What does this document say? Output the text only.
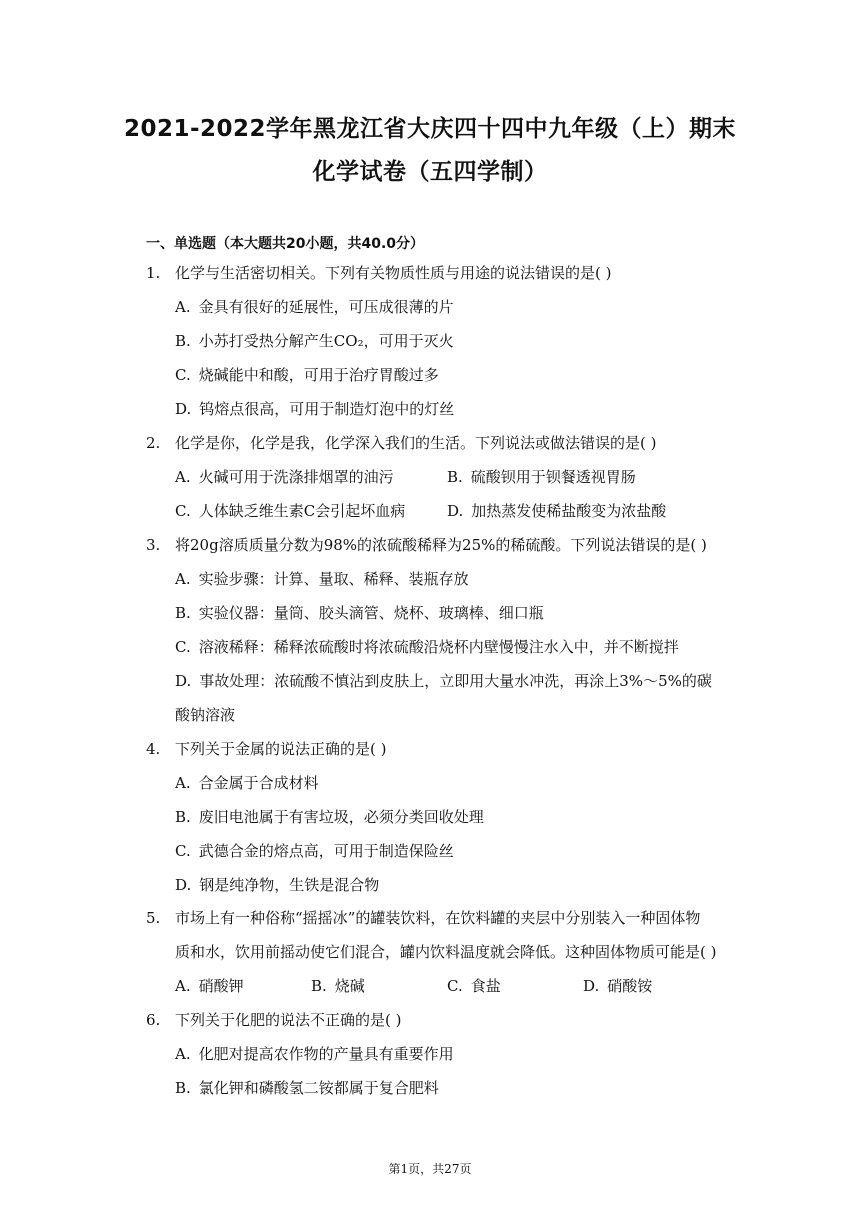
2021-2022学年黑龙江省大庆四十四中九年级（上）期末
化学试卷（五四学制）
一、单选题（本大题共20小题，共40.0分）
1. 化学与生活密切相关。下列有关物质性质与用途的说法错误的是( )
A. 金具有很好的延展性，可压成很薄的片
B. 小苏打受热分解产生CO₂，可用于灭火
C. 烧碱能中和酸，可用于治疗胃酸过多
D. 钨熔点很高，可用于制造灯泡中的灯丝
2. 化学是你，化学是我，化学深入我们的生活。下列说法或做法错误的是( )
A. 火碱可用于洗涤排烟罩的油污	B. 硫酸钡用于钡餐透视胃肠
C. 人体缺乏维生素C会引起坏血病	D. 加热蒸发使稀盐酸变为浓盐酸
3. 将20g溶质质量分数为98%的浓硫酸稀释为25%的稀硫酸。下列说法错误的是( )
A. 实验步骤：计算、量取、稀释、装瓶存放
B. 实验仪器：量筒、胶头滴管、烧杯、玻璃棒、细口瓶
C. 溶液稀释：稀释浓硫酸时将浓硫酸沿烧杯内壁慢慢注水入中，并不断搅拌
D. 事故处理：浓硫酸不慎沾到皮肤上，立即用大量水冲洗，再涂上3%～5%的碳
酸钠溶液
4. 下列关于金属的说法正确的是( )
A. 合金属于合成材料
B. 废旧电池属于有害垃圾，必须分类回收处理
C. 武德合金的熔点高，可用于制造保险丝
D. 钢是纯净物，生铁是混合物
5. 市场上有一种俗称“摇摇冰”的罐装饮料，在饮料罐的夹层中分别装入一种固体物
质和水，饮用前摇动使它们混合，罐内饮料温度就会降低。这种固体物质可能是( )
A. 硝酸钾	B. 烧碱	C. 食盐	D. 硝酸铵
6. 下列关于化肥的说法不正确的是( )
A. 化肥对提高农作物的产量具有重要作用
B. 氯化钾和磷酸氢二铵都属于复合肥料
第1页，共27页
